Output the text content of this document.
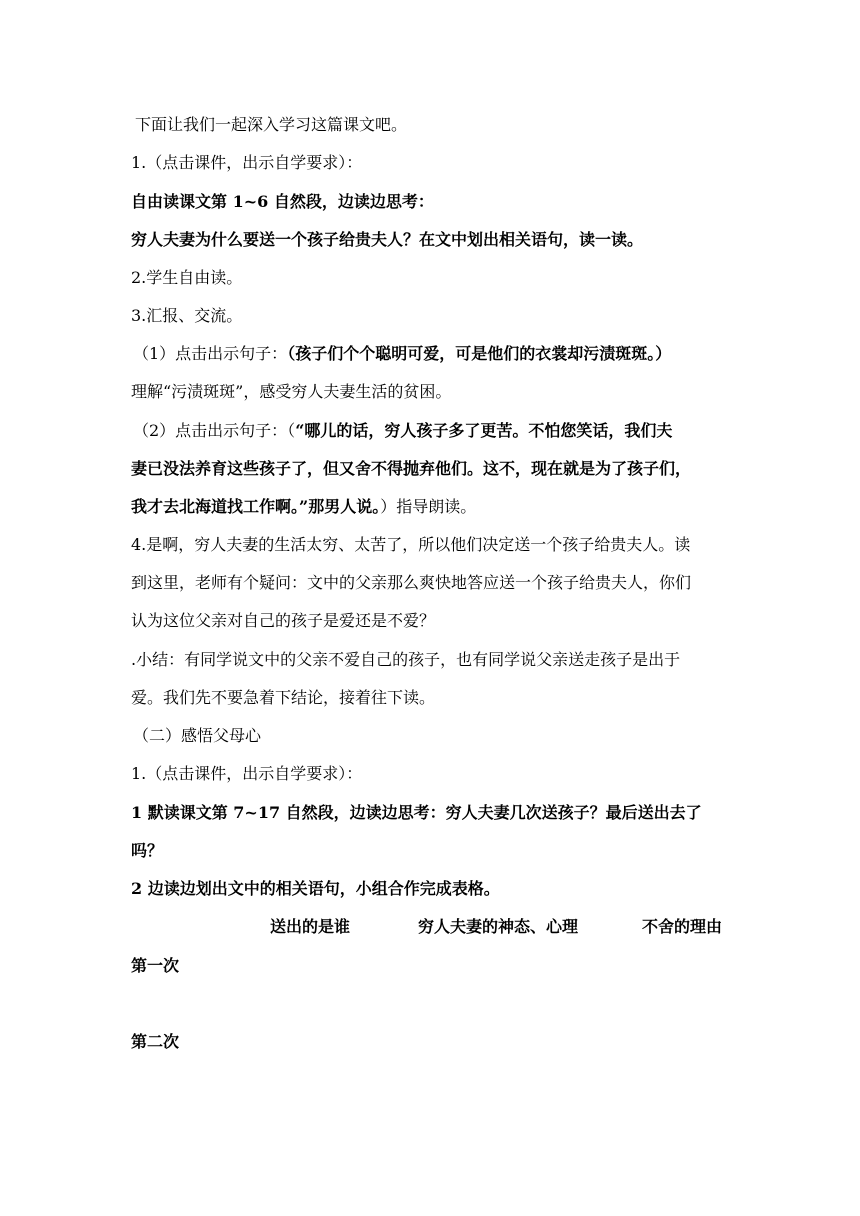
下面让我们一起深入学习这篇课文吧。
1.（点击课件，出示自学要求）：
自由读课文第 1~6 自然段，边读边思考：
穷人夫妻为什么要送一个孩子给贵夫人？在文中划出相关语句，读一读。
2.学生自由读。
3.汇报、交流。
（1）点击出示句子：（孩子们个个聪明可爱，可是他们的衣裳却污渍斑斑。）
理解“污渍斑斑”，感受穷人夫妻生活的贫困。
（2）点击出示句子：（“哪儿的话，穷人孩子多了更苦。不怕您笑话，我们夫
妻已没法养育这些孩子了，但又舍不得抛弃他们。这不，现在就是为了孩子们，
我才去北海道找工作啊。”那男人说。）指导朗读。
4.是啊，穷人夫妻的生活太穷、太苦了，所以他们决定送一个孩子给贵夫人。读
到这里，老师有个疑问：文中的父亲那么爽快地答应送一个孩子给贵夫人，你们
认为这位父亲对自己的孩子是爱还是不爱？
.小结：有同学说文中的父亲不爱自己的孩子，也有同学说父亲送走孩子是出于
爱。我们先不要急着下结论，接着往下读。
（二）感悟父母心
1.（点击课件，出示自学要求）：
1 默读课文第 7~17 自然段，边读边思考：穷人夫妻几次送孩子？最后送出去了
吗？
2 边读边划出文中的相关语句，小组合作完成表格。
送出的是谁	穷人夫妻的神态、心理	不舍的理由
第一次
第二次
